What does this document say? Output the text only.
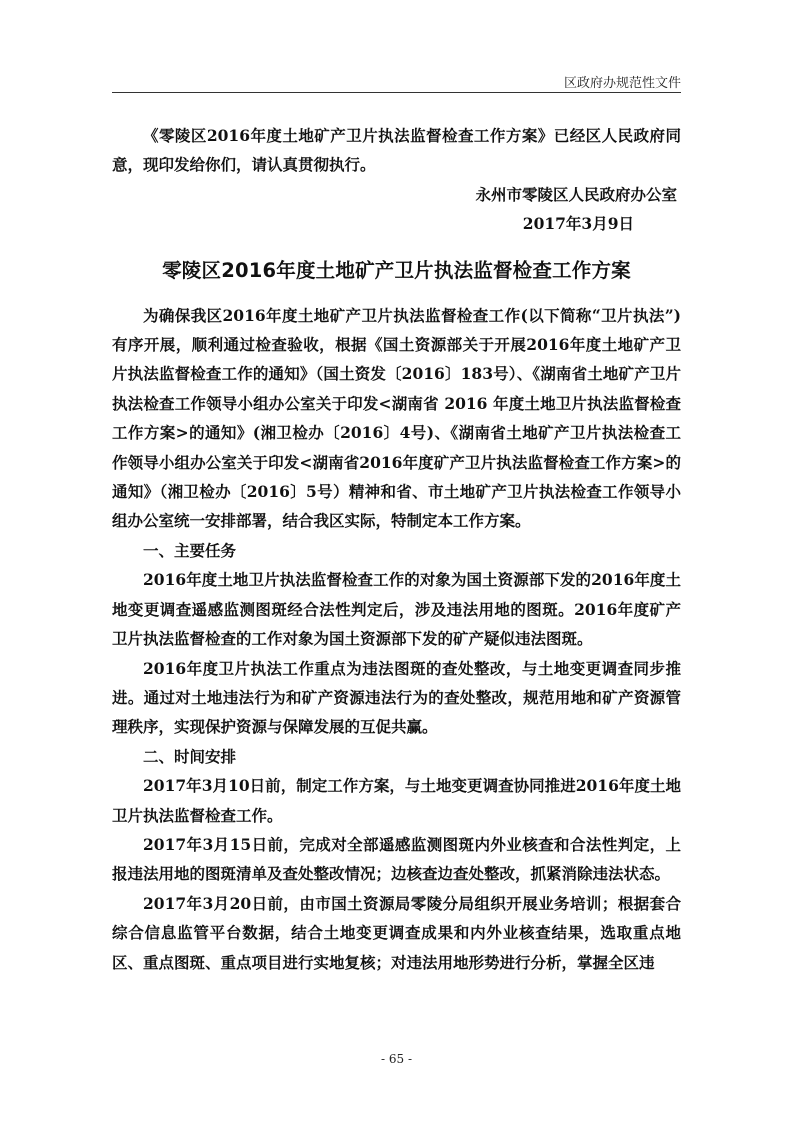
区政府办规范性文件

《零陵区2016年度土地矿产卫片执法监督检查工作方案》已经区人民政府同意，现印发给你们，请认真贯彻执行。

永州市零陵区人民政府办公室

2017年3月9日

零陵区2016年度土地矿产卫片执法监督检查工作方案

为确保我区2016年度土地矿产卫片执法监督检查工作(以下简称“卫片执法”)有序开展，顺利通过检查验收，根据《国土资源部关于开展2016年度土地矿产卫片执法监督检查工作的通知》（国土资发〔2016〕183号）、《湖南省土地矿产卫片执法检查工作领导小组办公室关于印发<湖南省 2016 年度土地卫片执法监督检查工作方案>的通知》(湘卫检办〔2016〕4号)、《湖南省土地矿产卫片执法检查工作领导小组办公室关于印发<湖南省2016年度矿产卫片执法监督检查工作方案>的通知》（湘卫检办〔2016〕5号）精神和省、市土地矿产卫片执法检查工作领导小组办公室统一安排部署，结合我区实际，特制定本工作方案。

一、主要任务

2016年度土地卫片执法监督检查工作的对象为国土资源部下发的2016年度土地变更调查遥感监测图斑经合法性判定后，涉及违法用地的图斑。2016年度矿产卫片执法监督检查的工作对象为国土资源部下发的矿产疑似违法图斑。

2016年度卫片执法工作重点为违法图斑的查处整改，与土地变更调查同步推进。通过对土地违法行为和矿产资源违法行为的查处整改，规范用地和矿产资源管理秩序，实现保护资源与保障发展的互促共赢。

二、时间安排

2017年3月10日前，制定工作方案，与土地变更调查协同推进2016年度土地卫片执法监督检查工作。

2017年3月15日前，完成对全部遥感监测图斑内外业核查和合法性判定，上报违法用地的图斑清单及查处整改情况；边核查边查处整改，抓紧消除违法状态。

2017年3月20日前，由市国土资源局零陵分局组织开展业务培训；根据套合综合信息监管平台数据，结合土地变更调查成果和内外业核查结果，选取重点地区、重点图斑、重点项目进行实地复核；对违法用地形势进行分析，掌握全区违

- 65 -
